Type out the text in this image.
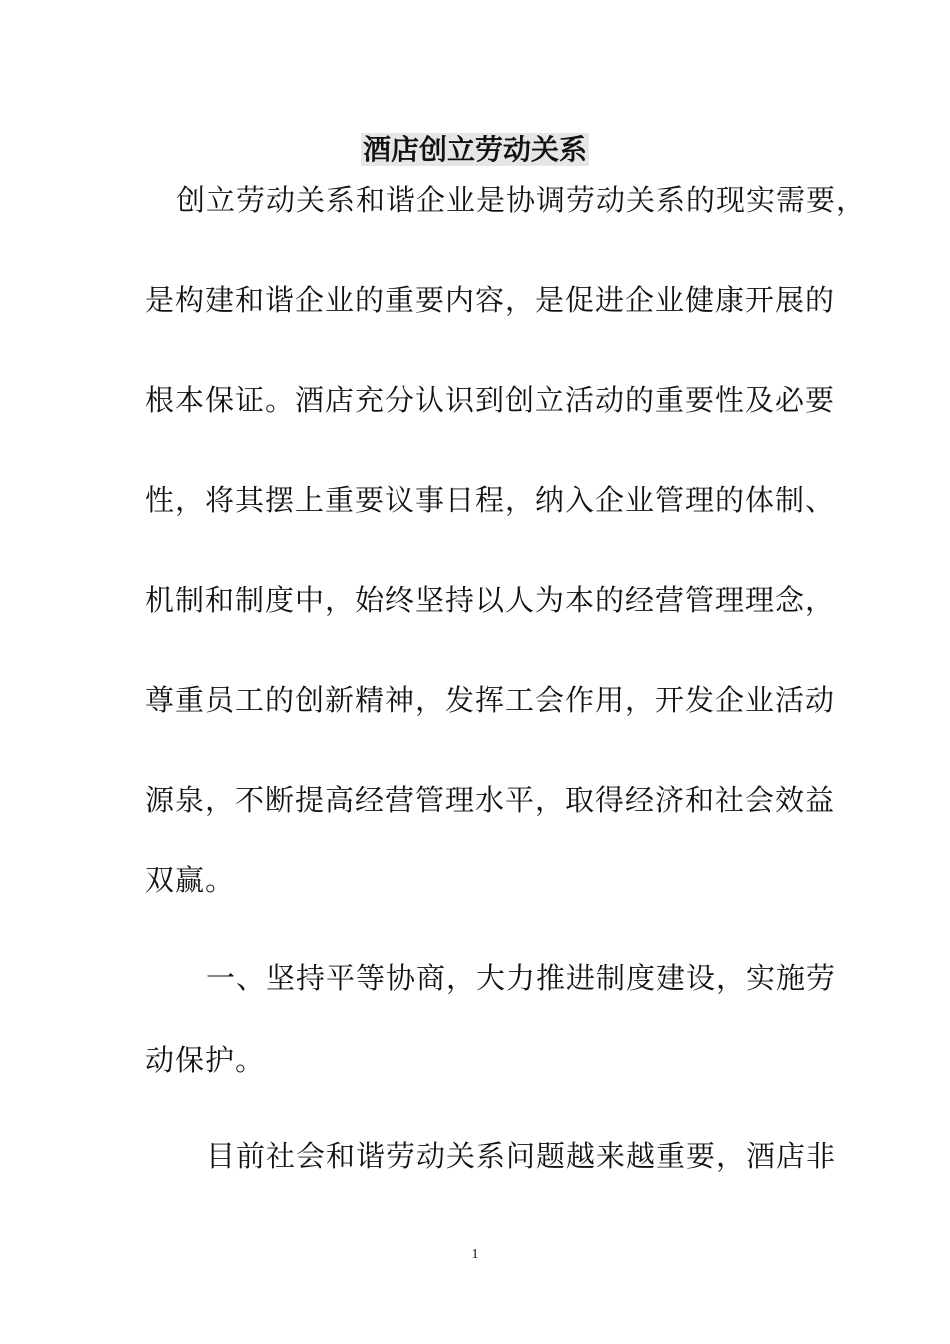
酒店创立劳动关系
创立劳动关系和谐企业是协调劳动关系的现实需要，
是构建和谐企业的重要内容，是促进企业健康开展的
根本保证。酒店充分认识到创立活动的重要性及必要
性，将其摆上重要议事日程，纳入企业管理的体制、
机制和制度中，始终坚持以人为本的经营管理理念，
尊重员工的创新精神，发挥工会作用，开发企业活动
源泉，不断提高经营管理水平，取得经济和社会效益
双赢。
一、坚持平等协商，大力推进制度建设，实施劳
动保护。
目前社会和谐劳动关系问题越来越重要，酒店非
1
